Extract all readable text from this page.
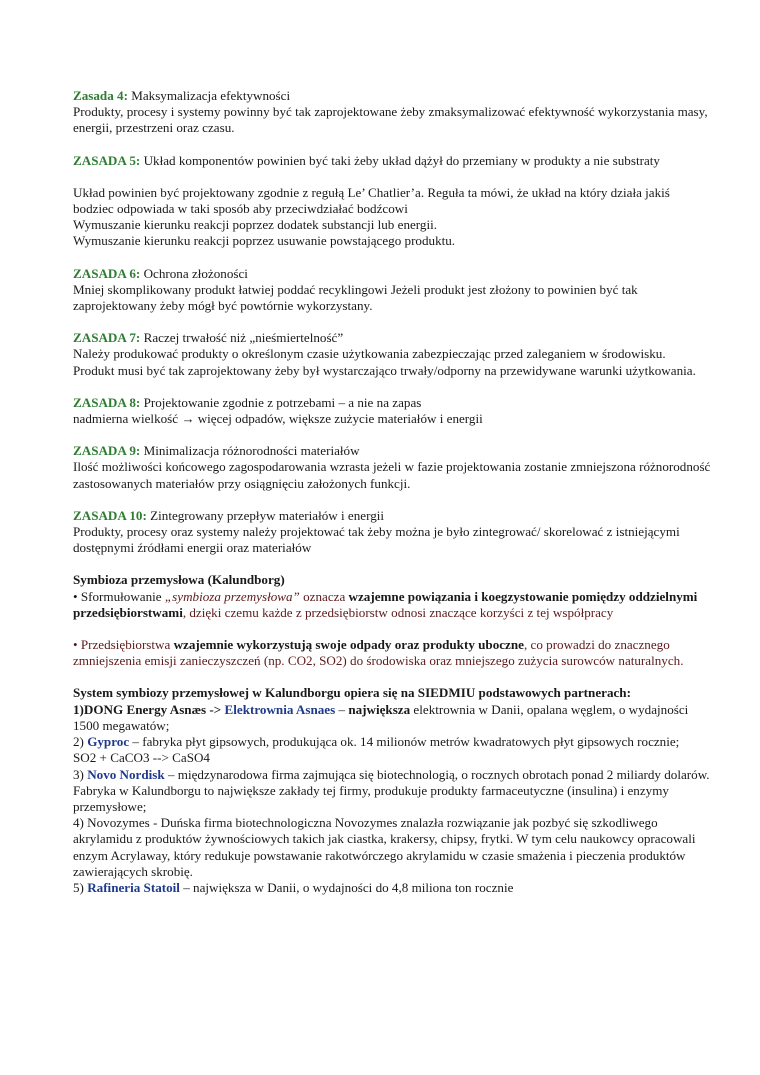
Zasada 4: Maksymalizacja efektywności

Produkty, procesy i systemy powinny być tak zaprojektowane żeby zmaksymalizować efektywność wykorzystania masy, energii, przestrzeni oraz czasu.

ZASADA 5: Układ komponentów powinien być taki żeby układ dążył do przemiany w produkty a nie substraty

Układ powinien być projektowany zgodnie z regułą Le’ Chatlier’a. Reguła ta mówi, że układ na który działa jakiś bodziec odpowiada w taki sposób aby przeciwdziałać bodźcowi

Wymuszanie kierunku reakcji poprzez dodatek substancji lub energii.

Wymuszanie kierunku reakcji poprzez usuwanie powstającego produktu.

ZASADA 6: Ochrona złożoności

Mniej skomplikowany produkt łatwiej poddać recyklingowi Jeżeli produkt jest złożony to powinien być tak zaprojektowany żeby mógł być powtórnie wykorzystany.

ZASADA 7: Raczej trwałość niż „nieśmiertelność”

Należy produkować produkty o określonym czasie użytkowania zabezpieczając przed zaleganiem w środowisku.

Produkt musi być tak zaprojektowany żeby był wystarczająco trwały/odporny na przewidywane warunki użytkowania.

ZASADA 8: Projektowanie zgodnie z potrzebami – a nie na zapas

nadmierna wielkość → więcej odpadów, większe zużycie materiałów i energii

ZASADA 9: Minimalizacja różnorodności materiałów

Ilość możliwości końcowego zagospodarowania wzrasta jeżeli w fazie projektowania zostanie zmniejszona różnorodność zastosowanych materiałów przy osiągnięciu założonych funkcji.

ZASADA 10: Zintegrowany przepływ materiałów i energii

Produkty, procesy oraz systemy należy projektować tak żeby można je było zintegrować/ skorelować z istniejącymi dostępnymi źródłami energii oraz materiałów

Symbioza przemysłowa (Kalundborg)

• Sformułowanie „symbioza przemysłowa” oznacza wzajemne powiązania i koegzystowanie pomiędzy oddzielnymi przedsiębiorstwami, dzięki czemu każde z przedsiębiorstw odnosi znaczące korzyści z tej współpracy

• Przedsiębiorstwa wzajemnie wykorzystują swoje odpady oraz produkty uboczne, co prowadzi do znacznego zmniejszenia emisji zanieczyszczeń (np. CO2, SO2) do środowiska oraz mniejszego zużycia surowców naturalnych.

System symbiozy przemysłowej w Kalundborgu opiera się na SIEDMIU podstawowych partnerach:

1)DONG Energy Asnæs -> Elektrownia Asnaes – największa elektrownia w Danii, opalana węglem, o wydajności 1500 megawatów;

2) Gyproc – fabryka płyt gipsowych, produkująca ok. 14 milionów metrów kwadratowych płyt gipsowych rocznie;

SO2 + CaCO3 --> CaSO4

3) Novo Nordisk – międzynarodowa firma zajmująca się biotechnologią, o rocznych obrotach ponad 2 miliardy dolarów. Fabryka w Kalundborgu to największe zakłady tej firmy, produkuje produkty farmaceutyczne (insulina) i enzymy przemysłowe;

4) Novozymes - Duńska firma biotechnologiczna Novozymes znalazła rozwiązanie jak pozbyć się szkodliwego akrylamidu z produktów żywnościowych takich jak ciastka, krakersy, chipsy, frytki. W tym celu naukowcy opracowali enzym Acrylaway, który redukuje powstawanie rakotwórczego akrylamidu w czasie smażenia i pieczenia produktów zawierających skrobię.

5) Rafineria Statoil – największa w Danii, o wydajności do 4,8 miliona ton rocznie
